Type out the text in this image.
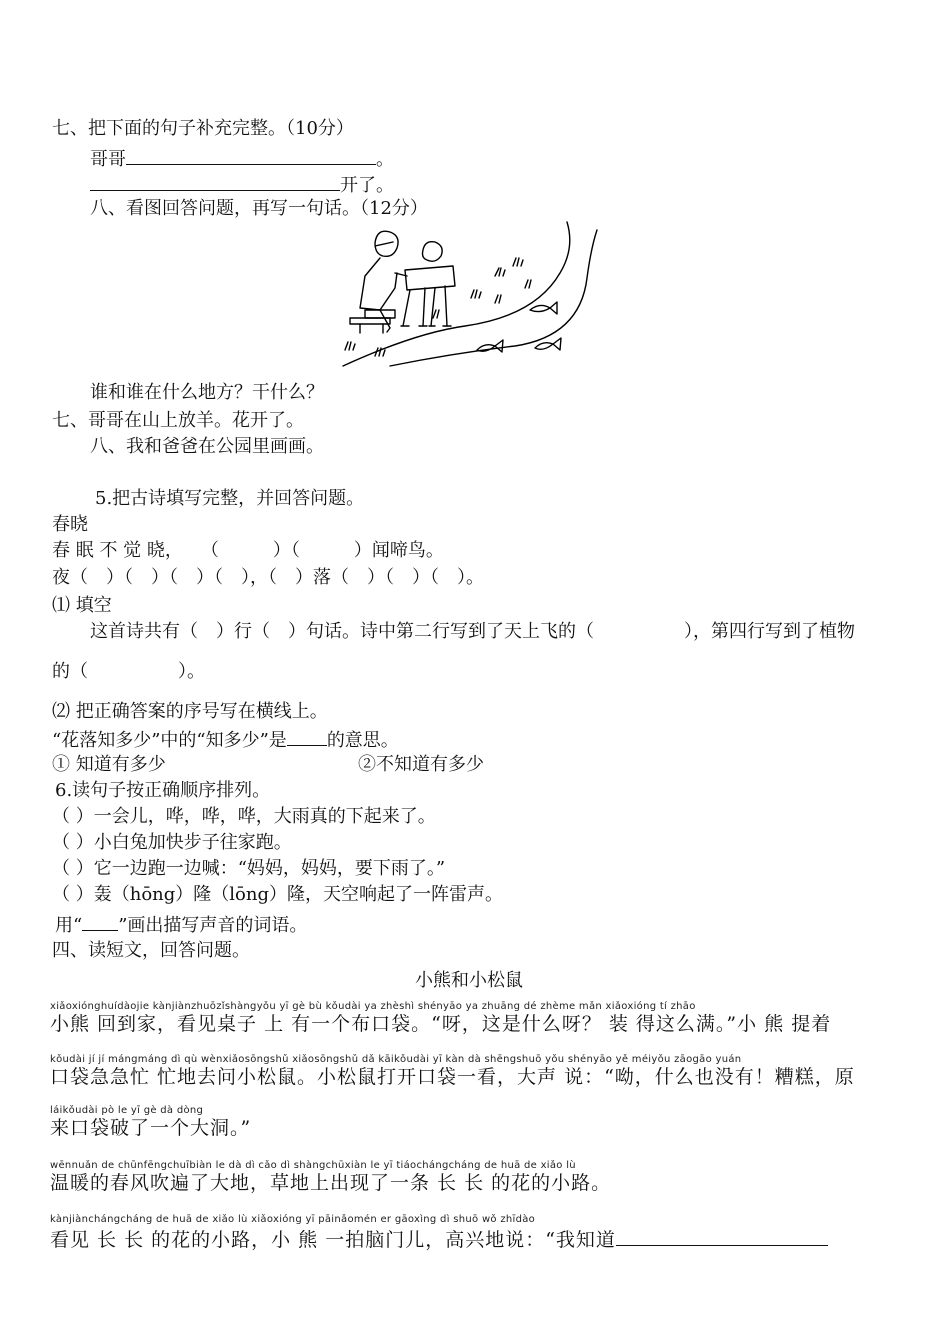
七、把下面的句子补充完整。（10分）
哥哥	。
开了。
八、看图回答问题，再写一句话。（12分）
谁和谁在什么地方？干什么？
七、哥哥在山上放羊。花开了。
八、我和爸爸在公园里画画。
5.把古诗填写完整，并回答问题。
春晓
春 眠 不 觉 晓，　　（　　　）（　　　）闻啼鸟。
夜（　）（　）（　）（　），（　）落（　）（　）（　）。
⑴ 填空
这首诗共有（　）行（　）句话。诗中第二行写到了天上飞的（　　　　　），第四行写到了植物
的（　　　　　）。
⑵ 把正确答案的序号写在横线上。
“花落知多少”中的“知多少”是 的意思。
① 知道有多少	②不知道有多少
6.读句子按正确顺序排列。
（ ）一会儿，哗，哗，哗，大雨真的下起来了。
（ ）小白兔加快步子往家跑。
（ ）它一边跑一边喊：“妈妈，妈妈，要下雨了。”
（ ）轰（hōng）隆（lōng）隆，天空响起了一阵雷声。
用“ ”画出描写声音的词语。
四、读短文，回答问题。
小熊和小松鼠
xiǎoxiónghuídàojie kànjiànzhuōzǐshàngyǒu yī gè bù kǒudài ya zhèshì shényāo ya zhuāng dé zhème mǎn xiǎoxióng tí zhāo
小熊 回到家，看见桌子 上 有一个布口袋。“呀，这是什么呀？ 装 得这么满。”小 熊 提着
kǒudài jí jí mángmáng dì qù wènxiǎosōngshǔ xiǎosōngshǔ dǎ kāikǒudài yī kàn dà shēngshuō yǒu shényāo yě méiyǒu zāogāo yuán
口袋急急忙 忙地去问小松鼠。小松鼠打开口袋一看，大声 说：“呦，什么也没有！糟糕，原
láikǒudài pò le yī gè dà dòng
来口袋破了一个大洞。”
wēnnuǎn de chūnfēngchuībiàn le dà dì cǎo dì shàngchūxiàn le yī tiáochángcháng de huā de xiǎo lù
温暖的春风吹遍了大地，草地上出现了一条 长 长 的花的小路。
kànjiànchángcháng de huā de xiǎo lù xiǎoxióng yī pāinǎomén er gāoxìng dì shuō wǒ zhīdào
看见 长 长 的花的小路，小 熊 一拍脑门儿，高兴地说：“我知道
